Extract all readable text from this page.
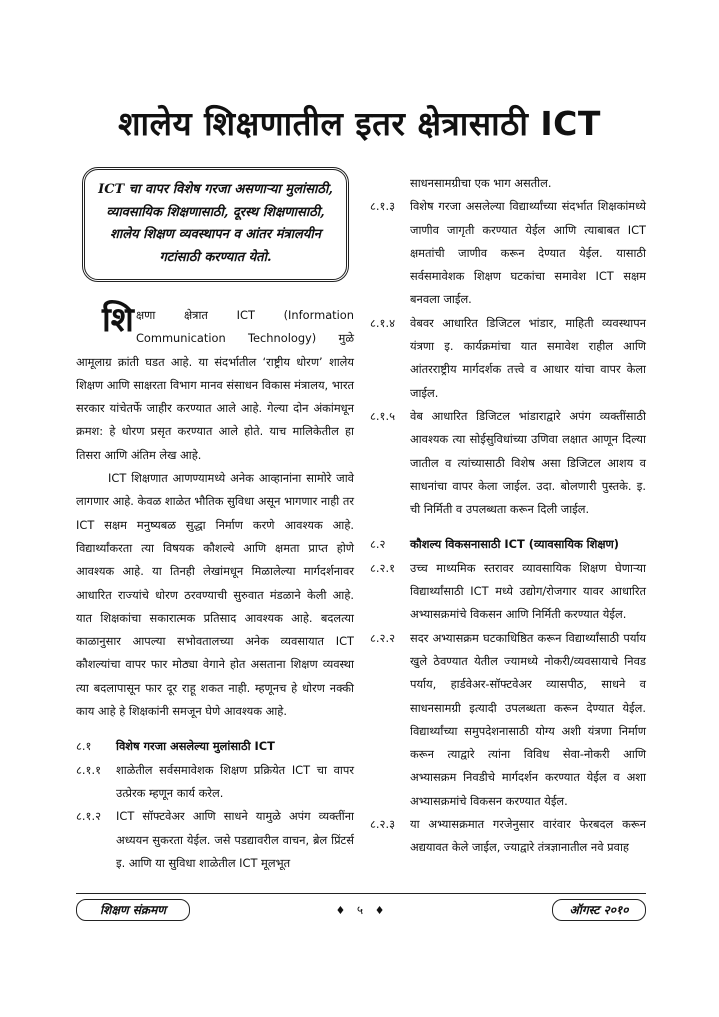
शालेय शिक्षणातील इतर क्षेत्रासाठी ICT
ICT चा वापर विशेष गरजा असणाऱ्या मुलांसाठी, व्यावसायिक शिक्षणासाठी, दूरस्थ शिक्षणासाठी, शालेय शिक्षण व्यवस्थापन व आंतर मंत्रालयीन गटांसाठी करण्यात येतो.

शिक्षणा क्षेत्रात ICT (Information Communication Technology) मुळे आमूलाग्र क्रांती घडत आहे. या संदर्भातील ‘राष्ट्रीय धोरण’ शालेय शिक्षण आणि साक्षरता विभाग मानव संसाधन विकास मंत्रालय, भारत सरकार यांचेतर्फे जाहीर करण्यात आले आहे. गेल्या दोन अंकांमधून क्रमश: हे धोरण प्रसृत करण्यात आले होते. याच मालिकेतील हा तिसरा आणि अंतिम लेख आहे.

ICT शिक्षणात आणण्यामध्ये अनेक आव्हानांना सामोरे जावे लागणार आहे. केवळ शाळेत भौतिक सुविधा असून भागणार नाही तर ICT सक्षम मनुष्यबळ सुद्धा निर्माण करणे आवश्यक आहे. विद्यार्थ्यांकरता त्या विषयक कौशल्ये आणि क्षमता प्राप्त होणे आवश्यक आहे. या तिनही लेखांमधून मिळालेल्या मार्गदर्शनावर आधारित राज्यांचे धोरण ठरवण्याची सुरुवात मंडळाने केली आहे. यात शिक्षकांचा सकारात्मक प्रतिसाद आवश्यक आहे. बदलत्या काळानुसार आपल्या सभोवतालच्या अनेक व्यवसायात ICT कौशल्यांचा वापर फार मोठ्या वेगाने होत असताना शिक्षण व्यवस्था त्या बदलापासून फार दूर राहू शकत नाही. म्हणूनच हे धोरण नक्की काय आहे हे शिक्षकांनी समजून घेणे आवश्यक आहे.

८.१	विशेष गरजा असलेल्या मुलांसाठी ICT
८.१.१	शाळेतील सर्वसमावेशक शिक्षण प्रक्रियेत ICT चा वापर उत्प्रेरक म्हणून कार्य करेल.
८.१.२	ICT सॉफ्टवेअर आणि साधने यामुळे अपंग व्यक्तींना अध्ययन सुकरता येईल. जसे पडद्यावरील वाचन, ब्रेल प्रिंटर्स इ. आणि या सुविधा शाळेतील ICT मूलभूत
साधनसामग्रीचा एक भाग असतील.
८.१.३	विशेष गरजा असलेल्या विद्यार्थ्यांच्या संदर्भात शिक्षकांमध्ये जाणीव जागृती करण्यात येईल आणि त्याबाबत ICT क्षमतांची जाणीव करून देण्यात येईल. यासाठी सर्वसमावेशक शिक्षण घटकांचा समावेश ICT सक्षम बनवला जाईल.
८.१.४	वेबवर आधारित डिजिटल भांडार, माहिती व्यवस्थापन यंत्रणा इ. कार्यक्रमांचा यात समावेश राहील आणि आंतरराष्ट्रीय मार्गदर्शक तत्त्वे व आधार यांचा वापर केला जाईल.
८.१.५	वेब आधारित डिजिटल भांडाराद्वारे अपंग व्यक्तींसाठी आवश्यक त्या सोईसुविधांच्या उणिवा लक्षात आणून दिल्या जातील व त्यांच्यासाठी विशेष असा डिजिटल आशय व साधनांचा वापर केला जाईल. उदा. बोलणारी पुस्तके. इ. ची निर्मिती व उपलब्धता करून दिली जाईल.
८.२	कौशल्य विकसनासाठी ICT (व्यावसायिक शिक्षण)
८.२.१	उच्च माध्यमिक स्तरावर व्यावसायिक शिक्षण घेणाऱ्या विद्यार्थ्यांसाठी ICT मध्ये उद्योग/रोजगार यावर आधारित अभ्यासक्रमांचे विकसन आणि निर्मिती करण्यात येईल.
८.२.२	सदर अभ्यासक्रम घटकाधिष्ठित करून विद्यार्थ्यांसाठी पर्याय खुले ठेवण्यात येतील ज्यामध्ये नोकरी/व्यवसायाचे निवड पर्याय, हार्डवेअर-सॉफ्टवेअर व्यासपीठ, साधने व साधनसामग्री इत्यादी उपलब्धता करून देण्यात येईल. विद्यार्थ्यांच्या समुपदेशनासाठी योग्य अशी यंत्रणा निर्माण करून त्याद्वारे त्यांना विविध सेवा-नोकरी आणि अभ्यासक्रम निवडीचे मार्गदर्शन करण्यात येईल व अशा अभ्यासक्रमांचे विकसन करण्यात येईल.
८.२.३	या अभ्यासक्रमात गरजेनुसार वारंवार फेरबदल करून अद्ययावत केले जाईल, ज्याद्वारे तंत्रज्ञानातील नवे प्रवाह
शिक्षण संक्रमण	♦ ५ ♦	ऑगस्ट २०१०
